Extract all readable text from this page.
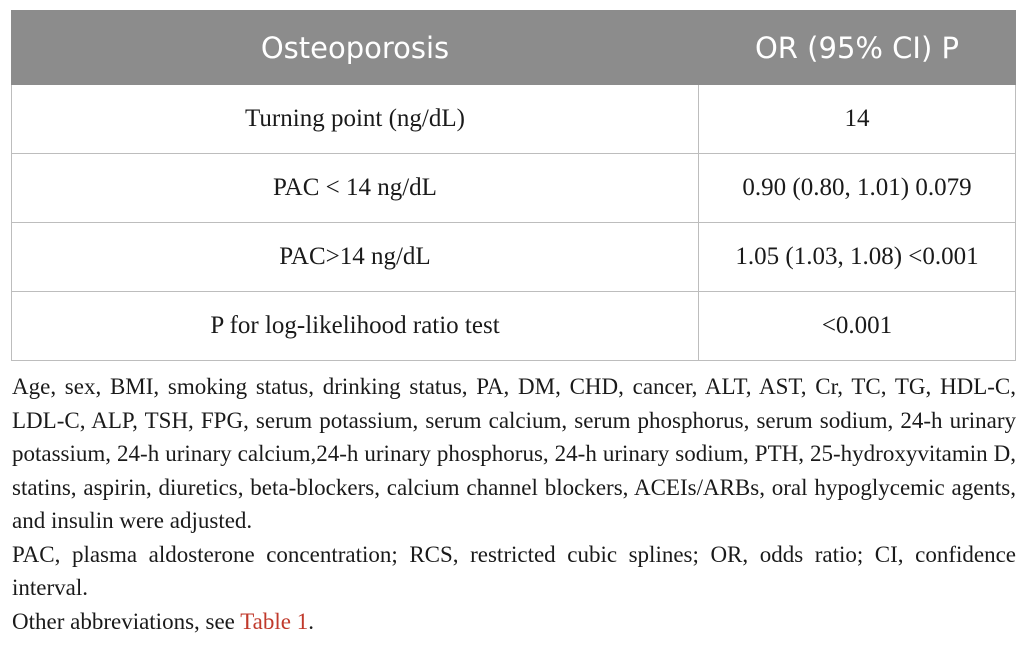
Osteoporosis	OR (95% CI) P
Turning point (ng/dL)	14
PAC < 14 ng/dL	0.90 (0.80, 1.01) 0.079
PAC>14 ng/dL	1.05 (1.03, 1.08) <0.001
P for log-likelihood ratio test	<0.001

Age, sex, BMI, smoking status, drinking status, PA, DM, CHD, cancer, ALT, AST, Cr, TC, TG, HDL-C, LDL-C, ALP, TSH, FPG, serum potassium, serum calcium, serum phosphorus, serum sodium, 24-h urinary potassium, 24-h urinary calcium,24-h urinary phosphorus, 24-h urinary sodium, PTH, 25-hydroxyvitamin D, statins, aspirin, diuretics, beta-blockers, calcium channel blockers, ACEIs/ARBs, oral hypoglycemic agents, and insulin were adjusted.

PAC, plasma aldosterone concentration; RCS, restricted cubic splines; OR, odds ratio; CI, confidence interval.

Other abbreviations, see Table 1.
